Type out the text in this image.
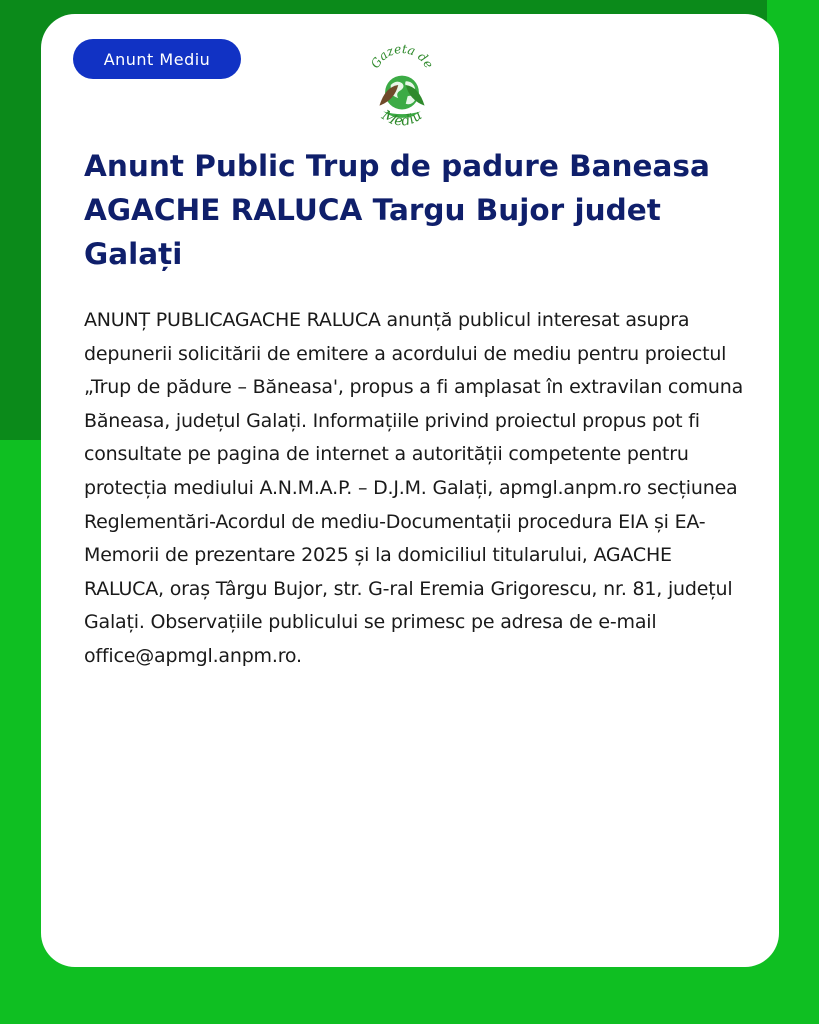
Anunt Mediu	Gazeta de
Mediu
Anunt Public Trup de padure Baneasa AGACHE RALUCA Targu Bujor judet Galați

ANUNȚ PUBLICAGACHE RALUCA anunță publicul interesat asupra depunerii solicitării de emitere a acordului de mediu pentru proiectul „Trup de pădure – Băneasa', propus a fi amplasat în extravilan comuna Băneasa, județul Galați. Informațiile privind proiectul propus pot fi consultate pe pagina de internet a autorității competente pentru protecția mediului A.N.M.A.P. – D.J.M. Galați, apmgl.anpm.ro secțiunea Reglementări-Acordul de mediu-Documentații procedura EIA și EA-Memorii de prezentare 2025 și la domiciliul titularului, AGACHE RALUCA, oraș Târgu Bujor, str. G-ral Eremia Grigorescu, nr. 81, județul Galați. Observațiile publicului se primesc pe adresa de e-mail office@apmgl.anpm.ro.
